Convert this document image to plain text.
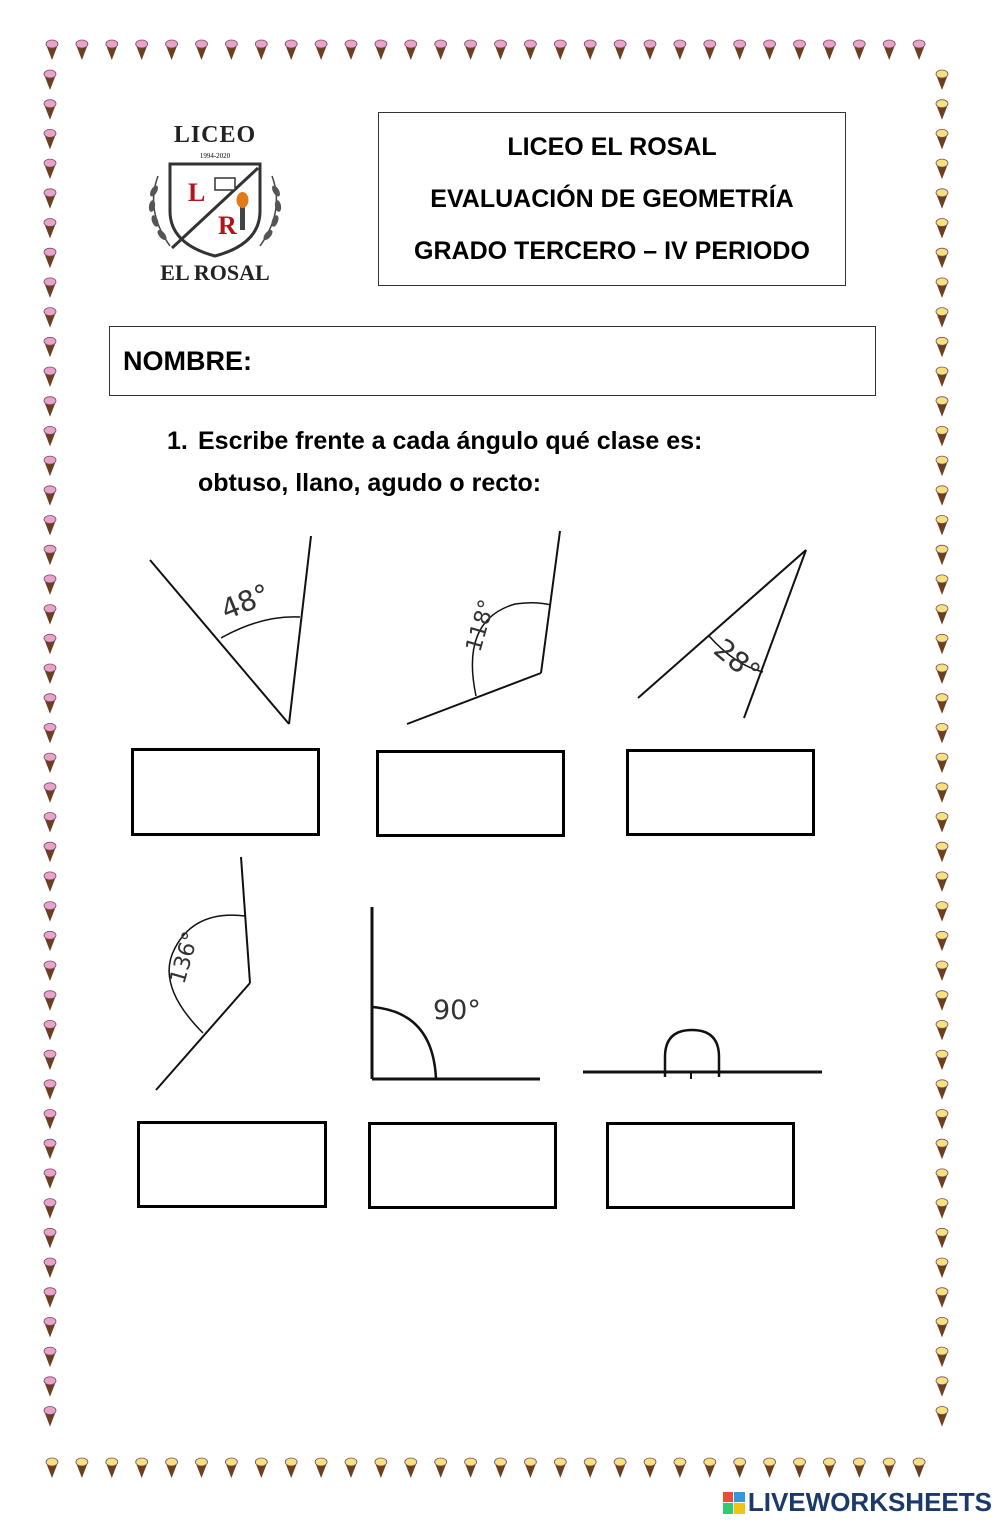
LICEO
1994-2020
L
R
EL ROSAL
LICEO EL ROSAL
EVALUACIÓN DE GEOMETRÍA
GRADO TERCERO – IV PERIODO
NOMBRE:
1. Escribe frente a cada ángulo qué clase es:
obtuso, llano, agudo o recto:
48°	118°
28°
136°
90°
LIVEWORKSHEETS
